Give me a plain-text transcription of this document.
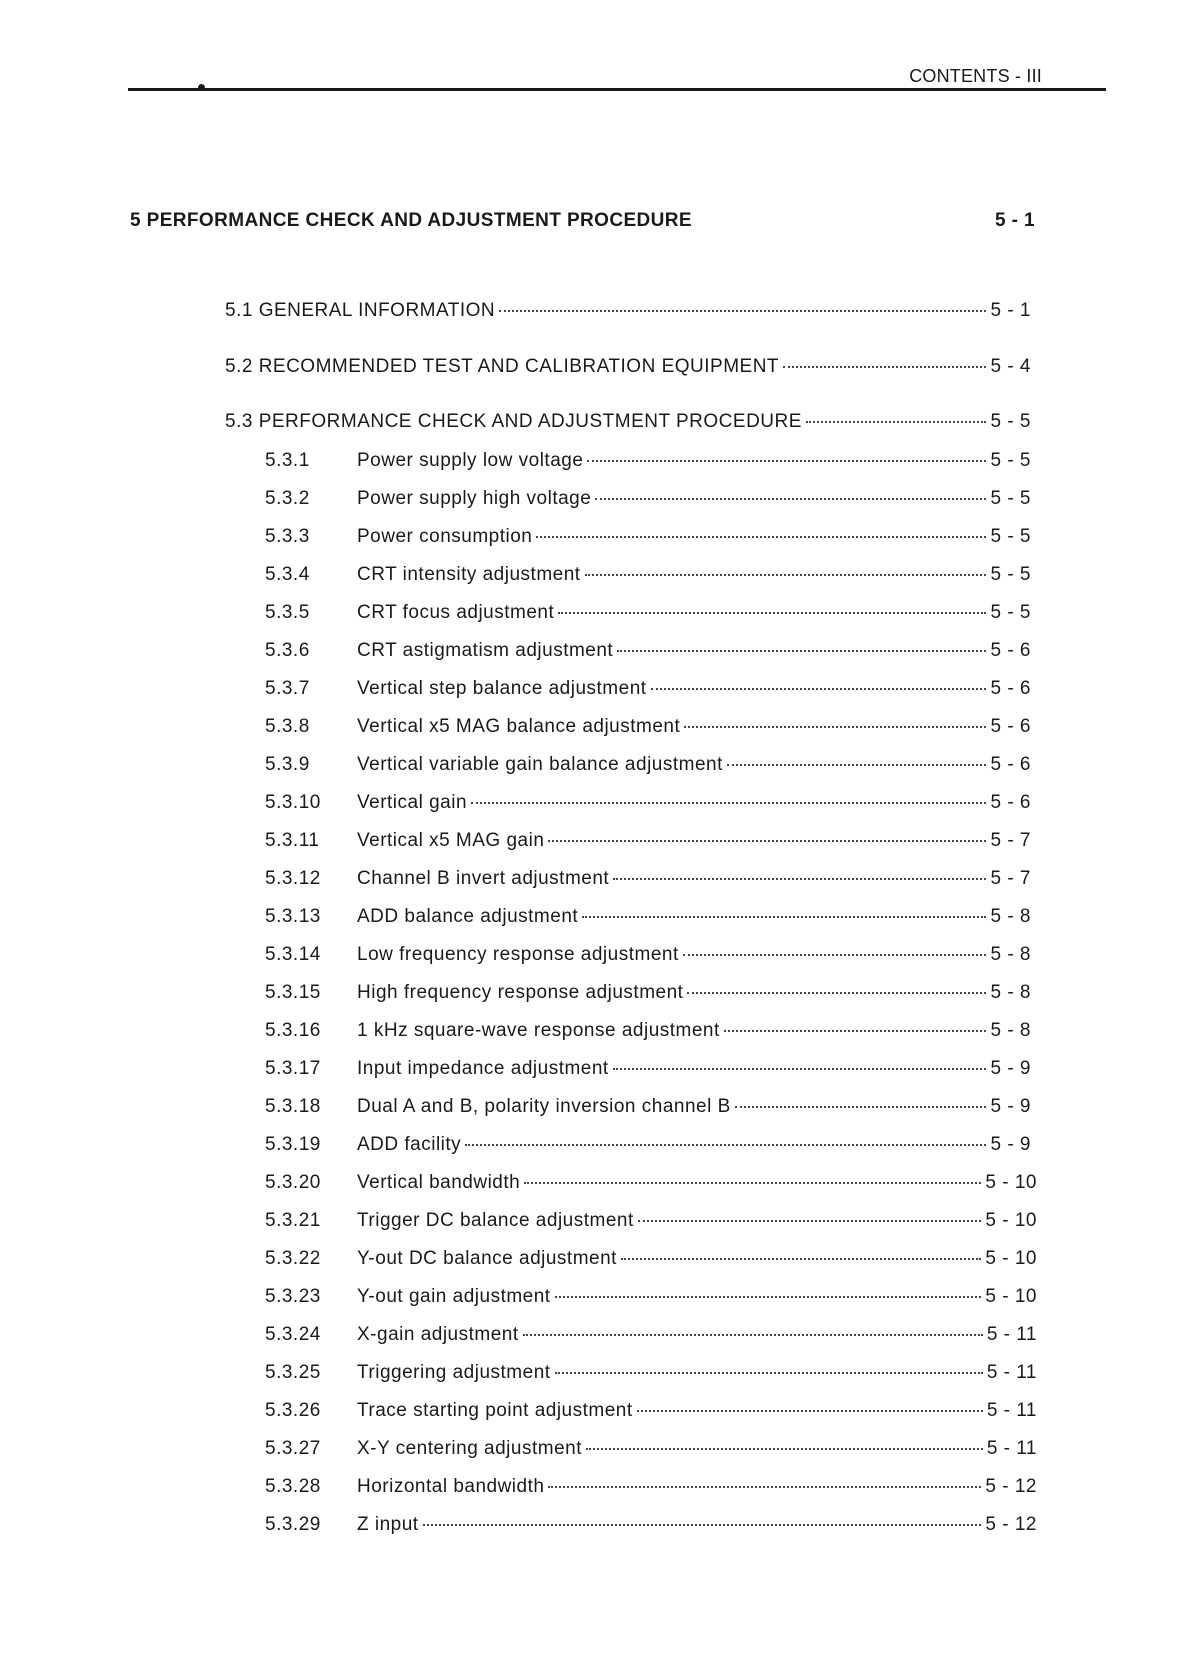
CONTENTS - III
5 PERFORMANCE CHECK AND ADJUSTMENT PROCEDURE	5 - 1
5.1 GENERAL INFORMATION	5 - 1
5.2 RECOMMENDED TEST AND CALIBRATION EQUIPMENT	5 - 4
5.3 PERFORMANCE CHECK AND ADJUSTMENT PROCEDURE	5 - 5
5.3.1	Power supply low voltage	5 - 5
5.3.2	Power supply high voltage	5 - 5
5.3.3	Power consumption	5 - 5
5.3.4	CRT intensity adjustment	5 - 5
5.3.5	CRT focus adjustment	5 - 5
5.3.6	CRT astigmatism adjustment	5 - 6
5.3.7	Vertical step balance adjustment	5 - 6
5.3.8	Vertical x5 MAG balance adjustment	5 - 6
5.3.9	Vertical variable gain balance adjustment	5 - 6
5.3.10	Vertical gain	5 - 6
5.3.11	Vertical x5 MAG gain	5 - 7
5.3.12	Channel B invert adjustment	5 - 7
5.3.13	ADD balance adjustment	5 - 8
5.3.14	Low frequency response adjustment	5 - 8
5.3.15	High frequency response adjustment	5 - 8
5.3.16	1 kHz square-wave response adjustment	5 - 8
5.3.17	Input impedance adjustment	5 - 9
5.3.18	Dual A and B, polarity inversion channel B	5 - 9
5.3.19	ADD facility	5 - 9
5.3.20	Vertical bandwidth	5 - 10
5.3.21	Trigger DC balance adjustment	5 - 10
5.3.22	Y-out DC balance adjustment	5 - 10
5.3.23	Y-out gain adjustment	5 - 10
5.3.24	X-gain adjustment	5 - 11
5.3.25	Triggering adjustment	5 - 11
5.3.26	Trace starting point adjustment	5 - 11
5.3.27	X-Y centering adjustment	5 - 11
5.3.28	Horizontal bandwidth	5 - 12
5.3.29	Z input	5 - 12
